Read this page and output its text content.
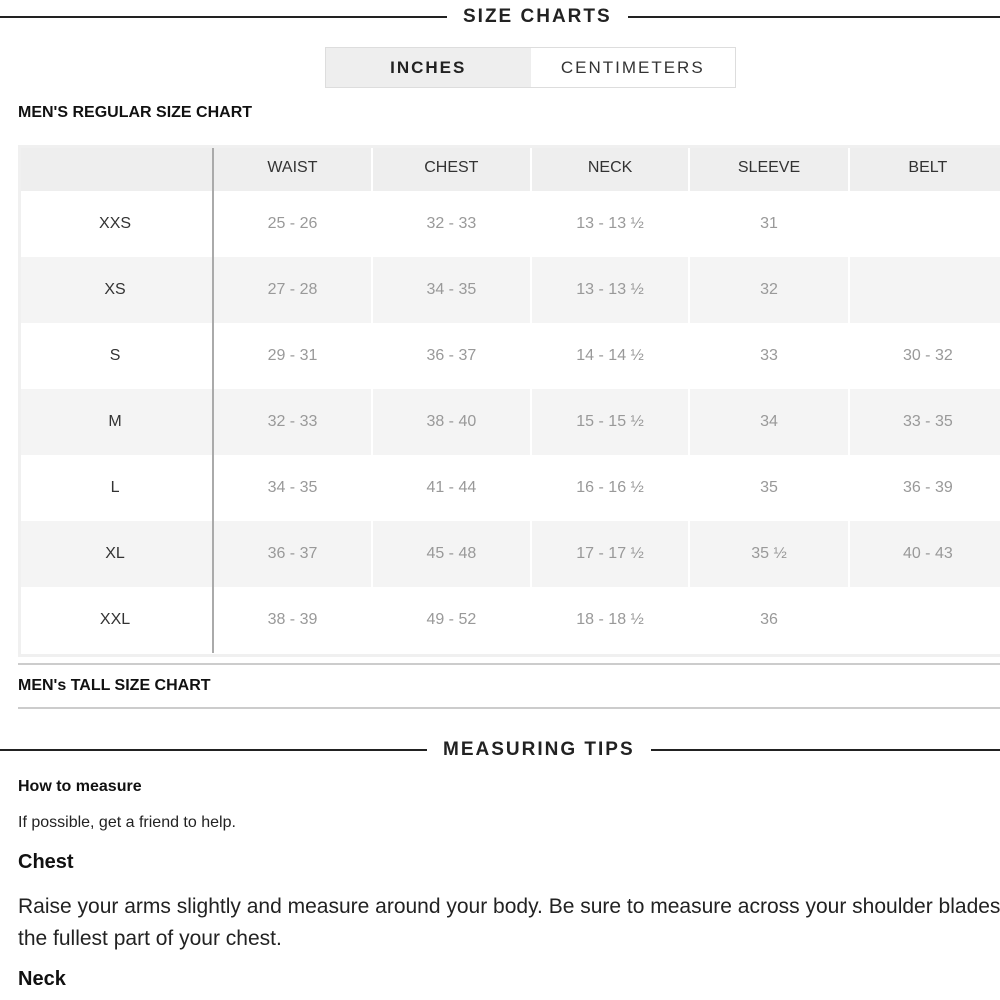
SIZE CHARTS
INCHES	CENTIMETERS
MEN'S REGULAR SIZE CHART
	WAIST	CHEST	NECK	SLEEVE	BELT
XXS	25 - 26	32 - 33	13 - 13 ½	31	
XS	27 - 28	34 - 35	13 - 13 ½	32	
S	29 - 31	36 - 37	14 - 14 ½	33	30 - 32
M	32 - 33	38 - 40	15 - 15 ½	34	33 - 35
L	34 - 35	41 - 44	16 - 16 ½	35	36 - 39
XL	36 - 37	45 - 48	17 - 17 ½	35 ½	40 - 43
XXL	38 - 39	49 - 52	18 - 18 ½	36	
MEN's TALL SIZE CHART
MEASURING TIPS
How to measure
If possible, get a friend to help.
Chest
Raise your arms slightly and measure around your body. Be sure to measure across your shoulder blades
the fullest part of your chest.
Neck
